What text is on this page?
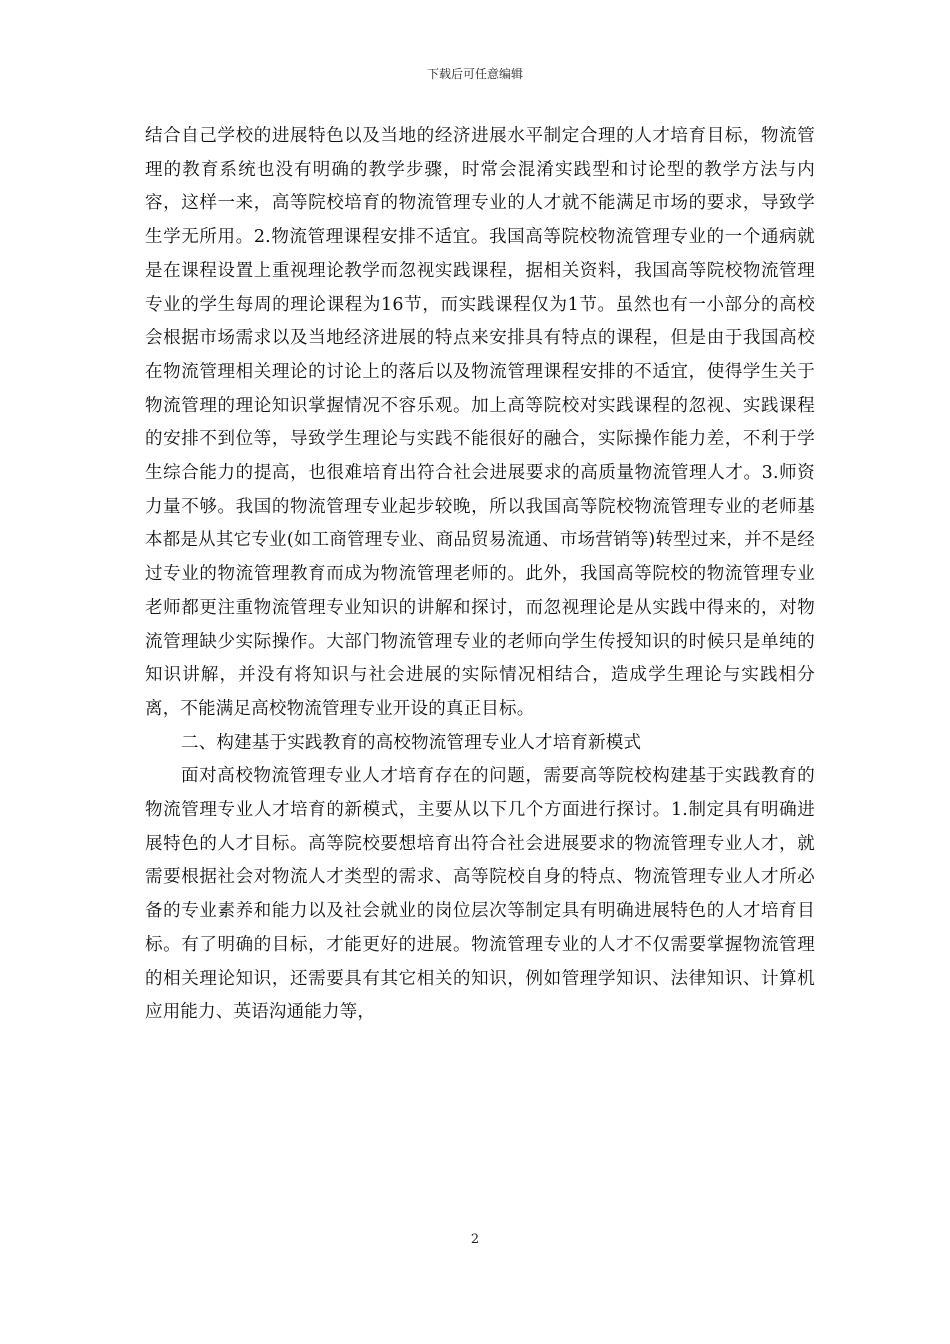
下载后可任意编辑

结合自己学校的进展特色以及当地的经济进展水平制定合理的人才培育目标，物流管理的教育系统也没有明确的教学步骤，时常会混淆实践型和讨论型的教学方法与内容，这样一来，高等院校培育的物流管理专业的人才就不能满足市场的要求，导致学生学无所用。2.物流管理课程安排不适宜。我国高等院校物流管理专业的一个通病就是在课程设置上重视理论教学而忽视实践课程，据相关资料，我国高等院校物流管理专业的学生每周的理论课程为16节，而实践课程仅为1节。虽然也有一小部分的高校会根据市场需求以及当地经济进展的特点来安排具有特点的课程，但是由于我国高校在物流管理相关理论的讨论上的落后以及物流管理课程安排的不适宜，使得学生关于物流管理的理论知识掌握情况不容乐观。加上高等院校对实践课程的忽视、实践课程的安排不到位等，导致学生理论与实践不能很好的融合，实际操作能力差，不利于学生综合能力的提高，也很难培育出符合社会进展要求的高质量物流管理人才。3.师资力量不够。我国的物流管理专业起步较晚，所以我国高等院校物流管理专业的老师基本都是从其它专业(如工商管理专业、商品贸易流通、市场营销等)转型过来，并不是经过专业的物流管理教育而成为物流管理老师的。此外，我国高等院校的物流管理专业老师都更注重物流管理专业知识的讲解和探讨，而忽视理论是从实践中得来的，对物流管理缺少实际操作。大部门物流管理专业的老师向学生传授知识的时候只是单纯的知识讲解，并没有将知识与社会进展的实际情况相结合，造成学生理论与实践相分离，不能满足高校物流管理专业开设的真正目标。

二、构建基于实践教育的高校物流管理专业人才培育新模式

面对高校物流管理专业人才培育存在的问题，需要高等院校构建基于实践教育的物流管理专业人才培育的新模式，主要从以下几个方面进行探讨。1.制定具有明确进展特色的人才目标。高等院校要想培育出符合社会进展要求的物流管理专业人才，就需要根据社会对物流人才类型的需求、高等院校自身的特点、物流管理专业人才所必备的专业素养和能力以及社会就业的岗位层次等制定具有明确进展特色的人才培育目标。有了明确的目标，才能更好的进展。物流管理专业的人才不仅需要掌握物流管理的相关理论知识，还需要具有其它相关的知识，例如管理学知识、法律知识、计算机应用能力、英语沟通能力等，

2
